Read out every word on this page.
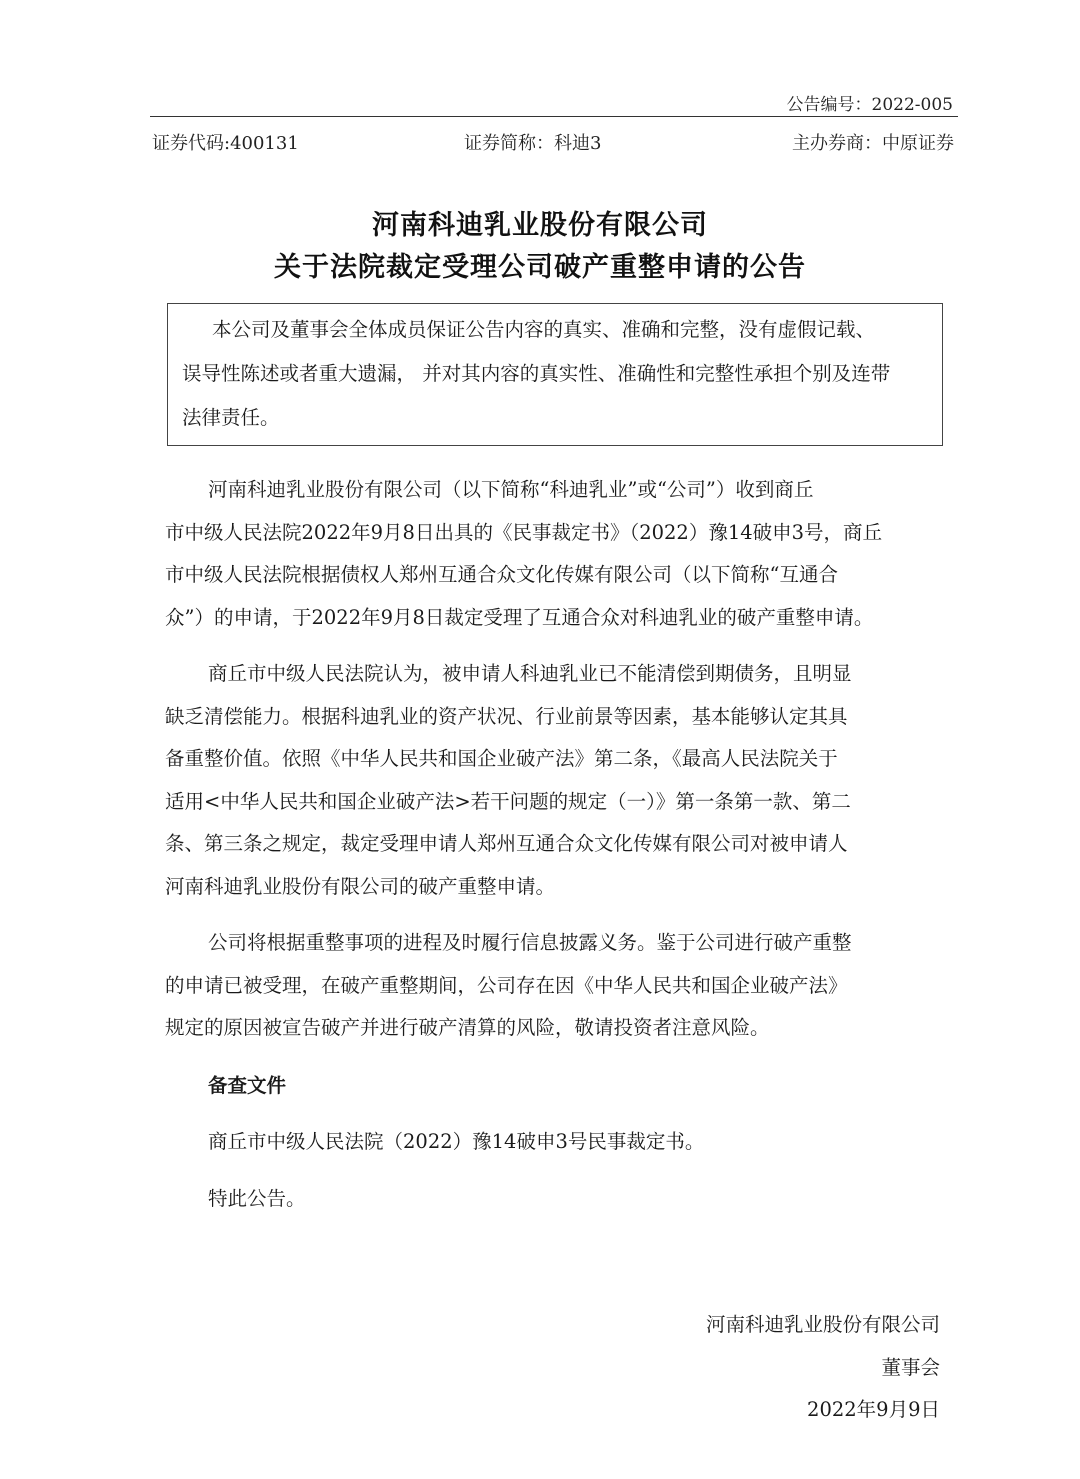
公告编号：2022-005
证券代码:400131	证券简称：科迪3	主办券商：中原证券
河南科迪乳业股份有限公司
关于法院裁定受理公司破产重整申请的公告

本公司及董事会全体成员保证公告内容的真实、准确和完整，没有虚假记载、

误导性陈述或者重大遗漏， 并对其内容的真实性、准确性和完整性承担个别及连带

法律责任。

河南科迪乳业股份有限公司（以下简称“科迪乳业”或“公司”）收到商丘
市中级人民法院2022年9月8日出具的《民事裁定书》（2022）豫14破申3号，商丘
市中级人民法院根据债权人郑州互通合众文化传媒有限公司（以下简称“互通合
众”）的申请，于2022年9月8日裁定受理了互通合众对科迪乳业的破产重整申请。
商丘市中级人民法院认为，被申请人科迪乳业已不能清偿到期债务，且明显
缺乏清偿能力。根据科迪乳业的资产状况、行业前景等因素，基本能够认定其具
备重整价值。依照《中华人民共和国企业破产法》第二条，《最高人民法院关于
适用<中华人民共和国企业破产法>若干问题的规定（一）》第一条第一款、第二
条、第三条之规定，裁定受理申请人郑州互通合众文化传媒有限公司对被申请人
河南科迪乳业股份有限公司的破产重整申请。
公司将根据重整事项的进程及时履行信息披露义务。鉴于公司进行破产重整
的申请已被受理，在破产重整期间，公司存在因《中华人民共和国企业破产法》
规定的原因被宣告破产并进行破产清算的风险，敬请投资者注意风险。

备查文件

商丘市中级人民法院（2022）豫14破申3号民事裁定书。

特此公告。

河南科迪乳业股份有限公司

董事会

2022年9月9日
